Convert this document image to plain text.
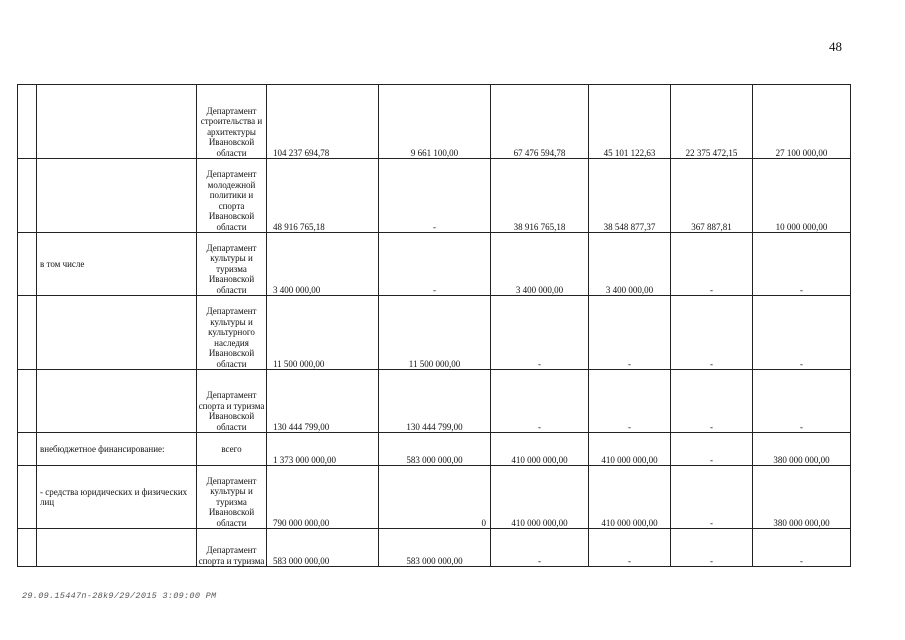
48
		Департамент строительства и архитектуры Ивановской области	104 237 694,78	9 661 100,00	67 476 594,78	45 101 122,63	22 375 472,15	27 100 000,00
		Департамент молодежной политики и спорта Ивановской области	48 916 765,18	-	38 916 765,18	38 548 877,37	367 887,81	10 000 000,00
	в том числе	Департамент культуры и туризма Ивановской области	3 400 000,00	-	3 400 000,00	3 400 000,00	-	-
		Департамент культуры и культурного наследия Ивановской области	11 500 000,00	11 500 000,00	-	-	-	-
		Департамент спорта и туризма Ивановской области	130 444 799,00	130 444 799,00	-	-	-	-
	внебюджетное финансирование:	всего	1 373 000 000,00	583 000 000,00	410 000 000,00	410 000 000,00	-	380 000 000,00
	- средства юридических и физических лиц	Департамент культуры и туризма Ивановской области	790 000 000,00	0	410 000 000,00	410 000 000,00	-	380 000 000,00
		Департамент спорта и туризма	583 000 000,00	583 000 000,00	-	-	-	-
29.09.15447п-28k9/29/2015 3:09:00 PM
